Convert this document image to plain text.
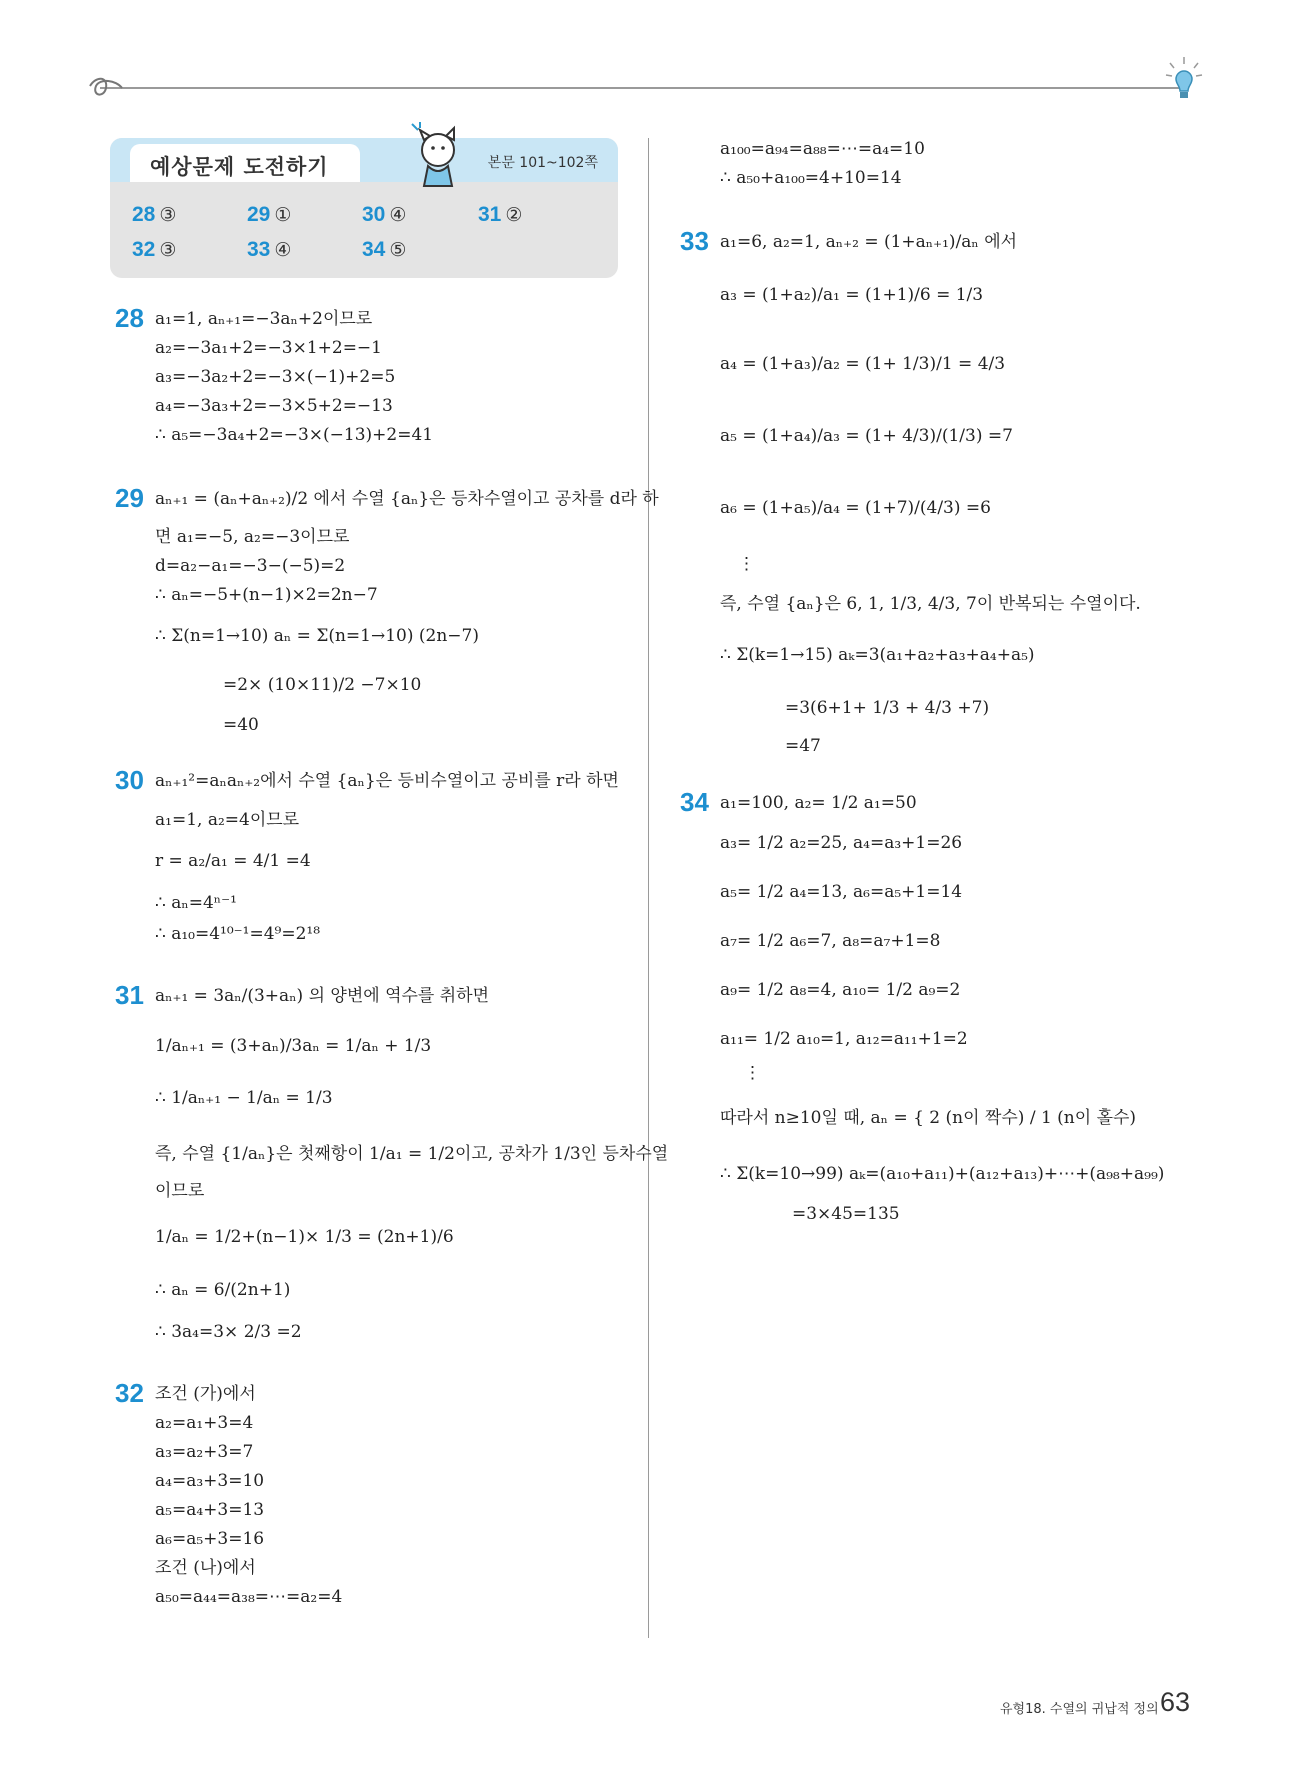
예상문제 도전하기	본문 101~102쪽
28 ③	29 ①	30 ④	31 ②
32 ③	33 ④	34 ⑤
28 a₁=1, aₙ₊₁=−3aₙ+2이므로
a₂=−3a₁+2=−3×1+2=−1
a₃=−3a₂+2=−3×(−1)+2=5
a₄=−3a₃+2=−3×5+2=−13
∴ a₅=−3a₄+2=−3×(−13)+2=41
29 aₙ₊₁ = (aₙ+aₙ₊₂)/2 에서 수열 {aₙ}은 등차수열이고 공차를 d라 하
면 a₁=−5, a₂=−3이므로
d=a₂−a₁=−3−(−5)=2
∴ aₙ=−5+(n−1)×2=2n−7
∴ Σ(n=1→10) aₙ = Σ(n=1→10) (2n−7)
=2× (10×11)/2 −7×10
=40
30 aₙ₊₁²=aₙaₙ₊₂에서 수열 {aₙ}은 등비수열이고 공비를 r라 하면
a₁=1, a₂=4이므로
r = a₂/a₁ = 4/1 =4
∴ aₙ=4ⁿ⁻¹
∴ a₁₀=4¹⁰⁻¹=4⁹=2¹⁸
31 aₙ₊₁ = 3aₙ/(3+aₙ) 의 양변에 역수를 취하면
1/aₙ₊₁ = (3+aₙ)/3aₙ = 1/aₙ + 1/3
∴ 1/aₙ₊₁ − 1/aₙ = 1/3
즉, 수열 {1/aₙ}은 첫째항이 1/a₁ = 1/2이고, 공차가 1/3인 등차수열
이므로
1/aₙ = 1/2+(n−1)× 1/3 = (2n+1)/6
∴ aₙ = 6/(2n+1)
∴ 3a₄=3× 2/3 =2
32 조건 (가)에서
a₂=a₁+3=4
a₃=a₂+3=7
a₄=a₃+3=10
a₅=a₄+3=13
a₆=a₅+3=16
조건 (나)에서
a₅₀=a₄₄=a₃₈=⋯=a₂=4
a₁₀₀=a₉₄=a₈₈=⋯=a₄=10
∴ a₅₀+a₁₀₀=4+10=14
33 a₁=6, a₂=1, aₙ₊₂ = (1+aₙ₊₁)/aₙ 에서
a₃ = (1+a₂)/a₁ = (1+1)/6 = 1/3
a₄ = (1+a₃)/a₂ = (1+ 1/3)/1 = 4/3
a₅ = (1+a₄)/a₃ = (1+ 4/3)/(1/3) =7
a₆ = (1+a₅)/a₄ = (1+7)/(4/3) =6
⋮
즉, 수열 {aₙ}은 6, 1, 1/3, 4/3, 7이 반복되는 수열이다.
∴ Σ(k=1→15) aₖ=3(a₁+a₂+a₃+a₄+a₅)
=3(6+1+ 1/3 + 4/3 +7)
=47
34 a₁=100, a₂= 1/2 a₁=50
a₃= 1/2 a₂=25, a₄=a₃+1=26
a₅= 1/2 a₄=13, a₆=a₅+1=14
a₇= 1/2 a₆=7, a₈=a₇+1=8
a₉= 1/2 a₈=4, a₁₀= 1/2 a₉=2
a₁₁= 1/2 a₁₀=1, a₁₂=a₁₁+1=2
⋮
따라서 n≥10일 때, aₙ = { 2 (n이 짝수) / 1 (n이 홀수)
∴ Σ(k=10→99) aₖ=(a₁₀+a₁₁)+(a₁₂+a₁₃)+⋯+(a₉₈+a₉₉)
=3×45=135
유형18. 수열의 귀납적 정의 63
